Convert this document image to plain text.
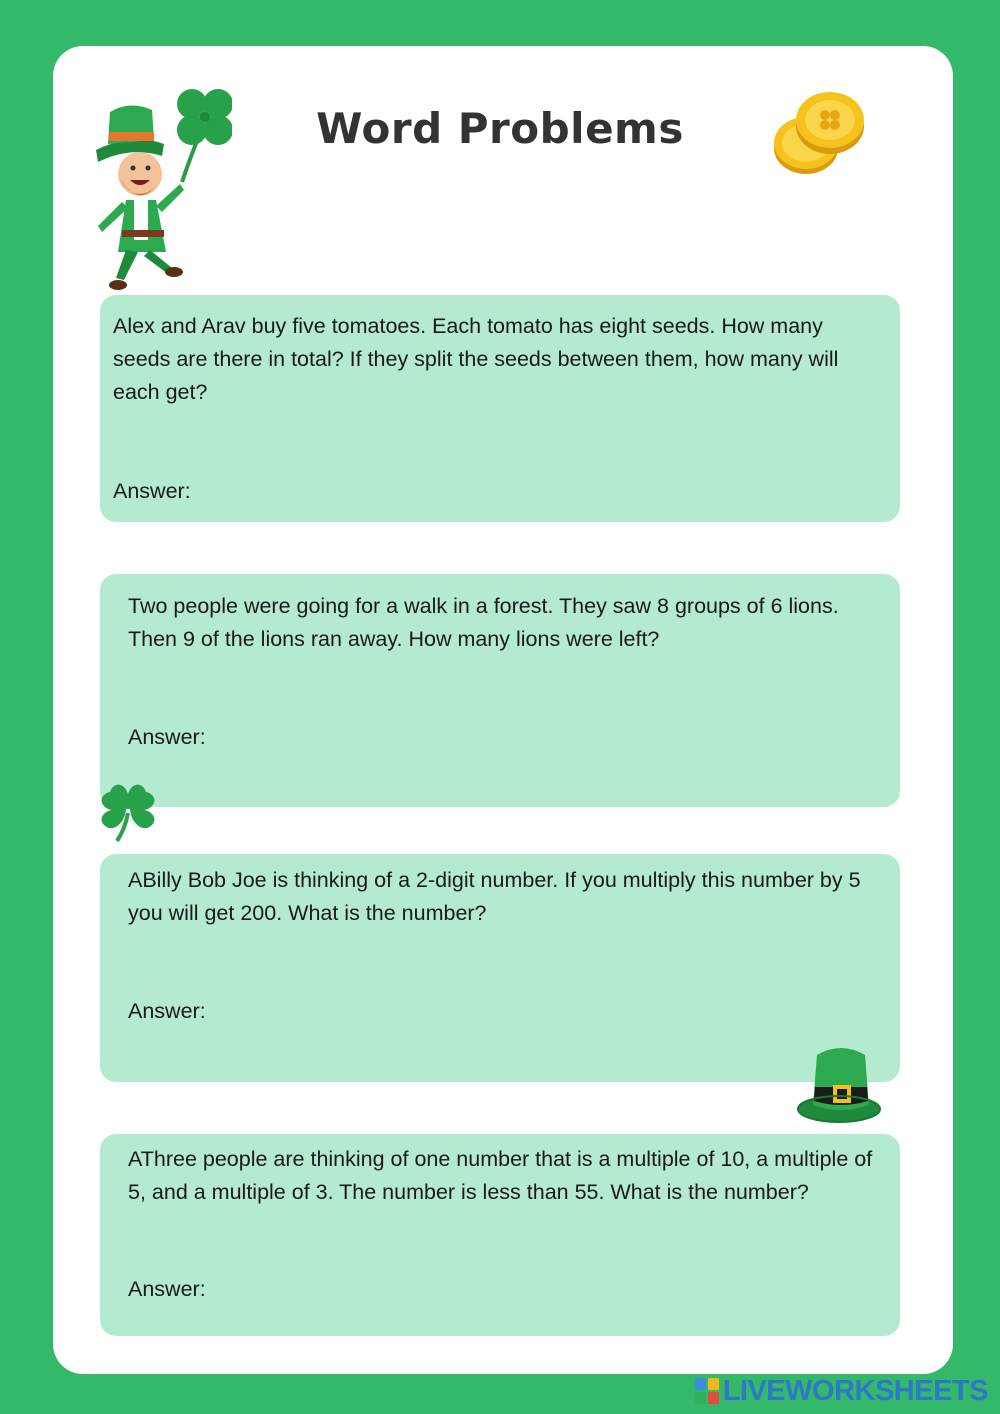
Word Problems
Alex and Arav buy five tomatoes. Each tomato has eight seeds. How many seeds are there in total? If they split the seeds between them, how many will each get?
Answer:
Two people were going for a walk in a forest. They saw 8 groups of 6 lions. Then 9 of the lions ran away. How many lions were left?
Answer:
ABilly Bob Joe is thinking of a 2-digit number. If you multiply this number by 5 you will get 200. What is the number?
Answer:
AThree people are thinking of one number that is a multiple of 10, a multiple of 5, and a multiple of 3. The number is less than 55. What is the number?
Answer:
LIVEWORKSHEETS
